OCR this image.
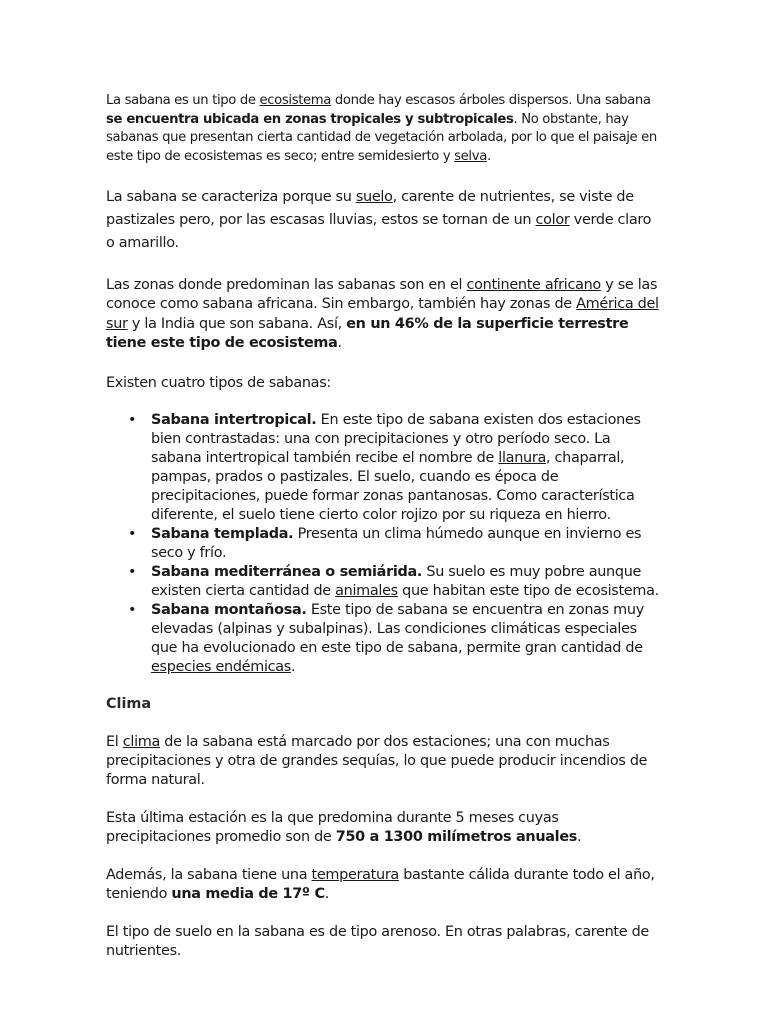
La sabana es un tipo de ecosistema donde hay escasos árboles dispersos. Una sabana se encuentra ubicada en zonas tropicales y subtropicales. No obstante, hay sabanas que presentan cierta cantidad de vegetación arbolada, por lo que el paisaje en este tipo de ecosistemas es seco; entre semidesierto y selva.

La sabana se caracteriza porque su suelo, carente de nutrientes, se viste de pastizales pero, por las escasas lluvias, estos se tornan de un color verde claro o amarillo.

Las zonas donde predominan las sabanas son en el continente africano y se las conoce como sabana africana. Sin embargo, también hay zonas de América del sur y la India que son sabana. Así, en un 46% de la superficie terrestre tiene este tipo de ecosistema.

Existen cuatro tipos de sabanas:

• Sabana intertropical. En este tipo de sabana existen dos estaciones bien contrastadas: una con precipitaciones y otro período seco. La sabana intertropical también recibe el nombre de llanura, chaparral, pampas, prados o pastizales. El suelo, cuando es época de precipitaciones, puede formar zonas pantanosas. Como característica diferente, el suelo tiene cierto color rojizo por su riqueza en hierro.
• Sabana templada. Presenta un clima húmedo aunque en invierno es seco y frío.
• Sabana mediterránea o semiárida. Su suelo es muy pobre aunque existen cierta cantidad de animales que habitan este tipo de ecosistema.
• Sabana montañosa. Este tipo de sabana se encuentra en zonas muy elevadas (alpinas y subalpinas). Las condiciones climáticas especiales que ha evolucionado en este tipo de sabana, permite gran cantidad de especies endémicas.
Clima

El clima de la sabana está marcado por dos estaciones; una con muchas precipitaciones y otra de grandes sequías, lo que puede producir incendios de forma natural.

Esta última estación es la que predomina durante 5 meses cuyas precipitaciones promedio son de 750 a 1300 milímetros anuales.

Además, la sabana tiene una temperatura bastante cálida durante todo el año, teniendo una media de 17º C.

El tipo de suelo en la sabana es de tipo arenoso. En otras palabras, carente de nutrientes.
